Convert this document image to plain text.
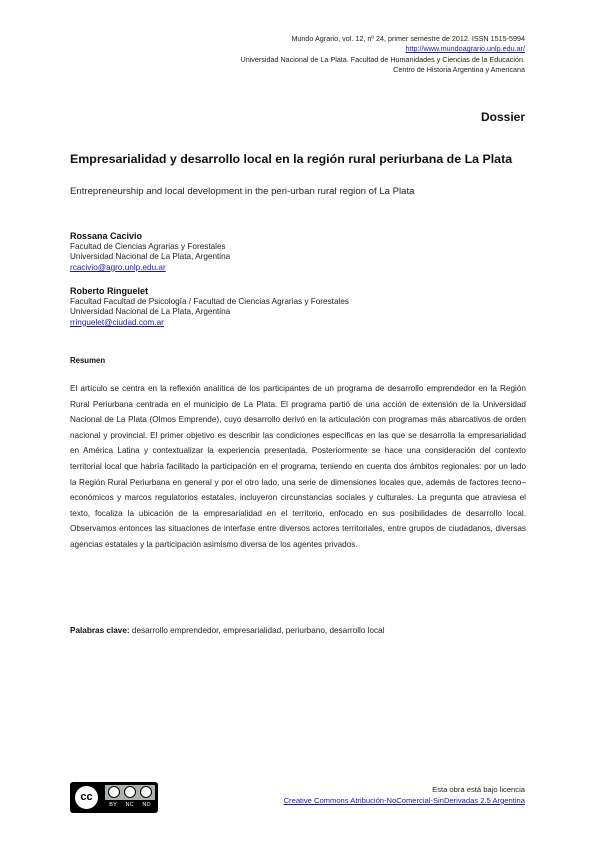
Mundo Agrario, vol. 12, nº 24, primer semestre de 2012. ISSN 1515-5994
http://www.mundoagrario.unlp.edu.ar/
Universidad Nacional de La Plata. Facultad de Humanidades y Ciencias de la Educación.
Centro de Historia Argentina y Americana
Dossier
Empresarialidad y desarrollo local en la región rural periurbana de La Plata
Entrepreneurship and local development in the peri-urban rural region of La Plata
Rossana Cacivio
Facultad de Ciencias Agrarias y Forestales
Universidad Nacional de La Plata, Argentina
rcacivio@agro.unlp.edu.ar
Roberto Ringuelet
Facultad Facultad de Psicología / Facultad de Ciencias Agrarias y Forestales
Universidad Nacional de La Plata, Argentina
rringuelet@ciudad.com.ar
Resumen

El artículo se centra en la reflexión analítica de los participantes de un programa de desarrollo emprendedor en la Región Rural Periurbana centrada en el municipio de La Plata. El programa partió de una acción de extensión de la Universidad Nacional de La Plata (Olmos Emprende), cuyo desarrollo derivó en la articulación con programas más abarcativos de orden nacional y provincial. El primer objetivo es describir las condiciones específicas en las que se desarrolla la empresarialidad en América Latina y contextualizar la experiencia presentada. Posteriormente se hace una consideración del contexto territorial local que habría facilitado la participación en el programa, teniendo en cuenta dos ámbitos regionales: por un lado la Región Rural Periurbana en general y por el otro lado, una serie de dimensiones locales que, además de factores tecno–económicos y marcos regulatorios estatales, incluyeron circunstancias sociales y culturales. La pregunta que atraviesa el texto, focaliza la ubicación de la empresarialidad en el territorio, enfocado en sus posibilidades de desarrollo local. Observamos entonces las situaciones de interfase entre diversos actores territoriales, entre grupos de ciudadanos, diversas agencias estatales y la participación asimismo diversa de los agentes privados.

Palabras clave: desarrollo emprendedor, empresarialidad, periurbano, desarrollo local
cc
BY NC ND
Esta obra está bajo licencia
Creative Commons Atribución-NoComercial-SinDerivadas 2.5 Argentina
